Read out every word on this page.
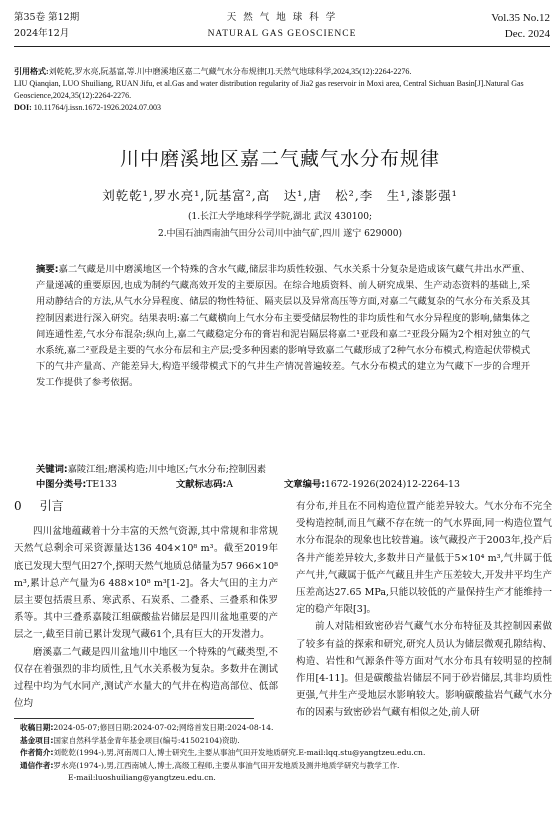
第35卷 第12期
2024年12月
天 然 气 地 球 科 学
NATURAL GAS GEOSCIENCE
Vol.35 No.12
Dec. 2024
引用格式:刘乾乾,罗水亮,阮基富,等.川中磨溪地区嘉二气藏气水分布规律[J].天然气地球科学,2024,35(12):2264-2276.
LIU Qianqian, LUO Shuiliang, RUAN Jifu, et al.Gas and water distribution regularity of Jia2 gas reservoir in Moxi area, Central Sichuan Basin[J].Natural Gas Geoscience,2024,35(12):2264-2276.
DOI: 10.11764/j.issn.1672-1926.2024.07.003
川中磨溪地区嘉二气藏气水分布规律
刘乾乾¹,罗水亮¹,阮基富²,高　达¹,唐　松²,李　生¹,漆影强¹
(1.长江大学地球科学学院,湖北 武汉 430100;
2.中国石油西南油气田分公司川中油气矿,四川 遂宁 629000)
摘要:嘉二气藏是川中磨溪地区一个特殊的含水气藏,储层非均质性较强、气水关系十分复杂是造成该气藏气井出水严重、产量递减的重要原因,也成为制约气藏高效开发的主要原因。在综合地质资料、前人研究成果、生产动态资料的基础上,采用动静结合的方法,从气水分异程度、储层的物性特征、隔夹层以及异常高压等方面,对嘉二气藏复杂的气水分布关系及其控制因素进行深入研究。结果表明:嘉二气藏横向上气水分布主要受储层物性的非均质性和气水分异程度的影响,储集体之间连通性差,气水分布混杂;纵向上,嘉二气藏稳定分布的膏岩和泥岩隔层将嘉二¹亚段和嘉二²亚段分隔为2个相对独立的气水系统,嘉二²亚段是主要的气水分布层和主产层;受多种因素的影响导致嘉二气藏形成了2种气水分布模式,构造起伏带模式下的气井产量高、产能差异大,构造平缓带模式下的气井生产情况普遍较差。气水分布模式的建立为气藏下一步的合理开发工作提供了参考依据。
关键词:嘉陵江组;磨溪构造;川中地区;气水分布;控制因素
中图分类号:TE133	文献标志码:A	文章编号:1672-1926(2024)12-2264-13
0 引言

四川盆地蕴藏着十分丰富的天然气资源,其中常规和非常规天然气总剩余可采资源量达136 404×10⁸ m³。截至2019年底已发现大型气田27个,探明天然气地质总储量为57 966×10⁸ m³,累计总产气量为6 488×10⁸ m³[1-2]。各大气田的主力产层主要包括震旦系、寒武系、石炭系、二叠系、三叠系和侏罗系等。其中三叠系嘉陵江组碳酸盐岩储层是四川盆地重要的产层之一,截至目前已累计发现气藏61个,具有巨大的开发潜力。

磨溪嘉二气藏是四川盆地川中地区一个特殊的气藏类型,不仅存在着强烈的非均质性,且气水关系极为复杂。多数井在测试过程中均为气水同产,测试产水量大的气井在构造高部位、低部位均

有分布,并且在不同构造位置产能差异较大。气水分布不完全受构造控制,而且气藏不存在统一的气水界面,同一构造位置气水分布混杂的现象也比较普遍。该气藏投产于2003年,投产后各井产能差异较大,多数井日产量低于5×10⁴ m³,气井属于低产气井,气藏属于低产气藏且井生产压差较大,开发井平均生产压差高达27.65 MPa,只能以较低的产量保持生产才能维持一定的稳产年限[3]。

前人对陆相致密砂岩气藏气水分布特征及其控制因素做了较多有益的探索和研究,研究人员认为储层微观孔隙结构、构造、岩性和气源条件等方面对气水分布具有较明显的控制作用[4-11]。但是碳酸盐岩储层不同于砂岩储层,其非均质性更强,气井生产受地层水影响较大。影响碳酸盐岩气藏气水分布的因素与致密砂岩气藏有相似之处,前人研

收稿日期:2024-05-07;修回日期:2024-07-02;网络首发日期:2024-08-14.
基金项目:国家自然科学基金青年基金项目(编号:41502104)资助.
作者简介:刘乾乾(1994-),男,河南周口人,博士研究生,主要从事油气田开发地质研究.E-mail:lqq.stu@yangtzeu.edu.cn.
通信作者:罗水亮(1974-),男,江西南城人,博士,高级工程师,主要从事油气田开发地质及测井地质学研究与教学工作.
E-mail:luoshuiliang@yangtzeu.edu.cn.
